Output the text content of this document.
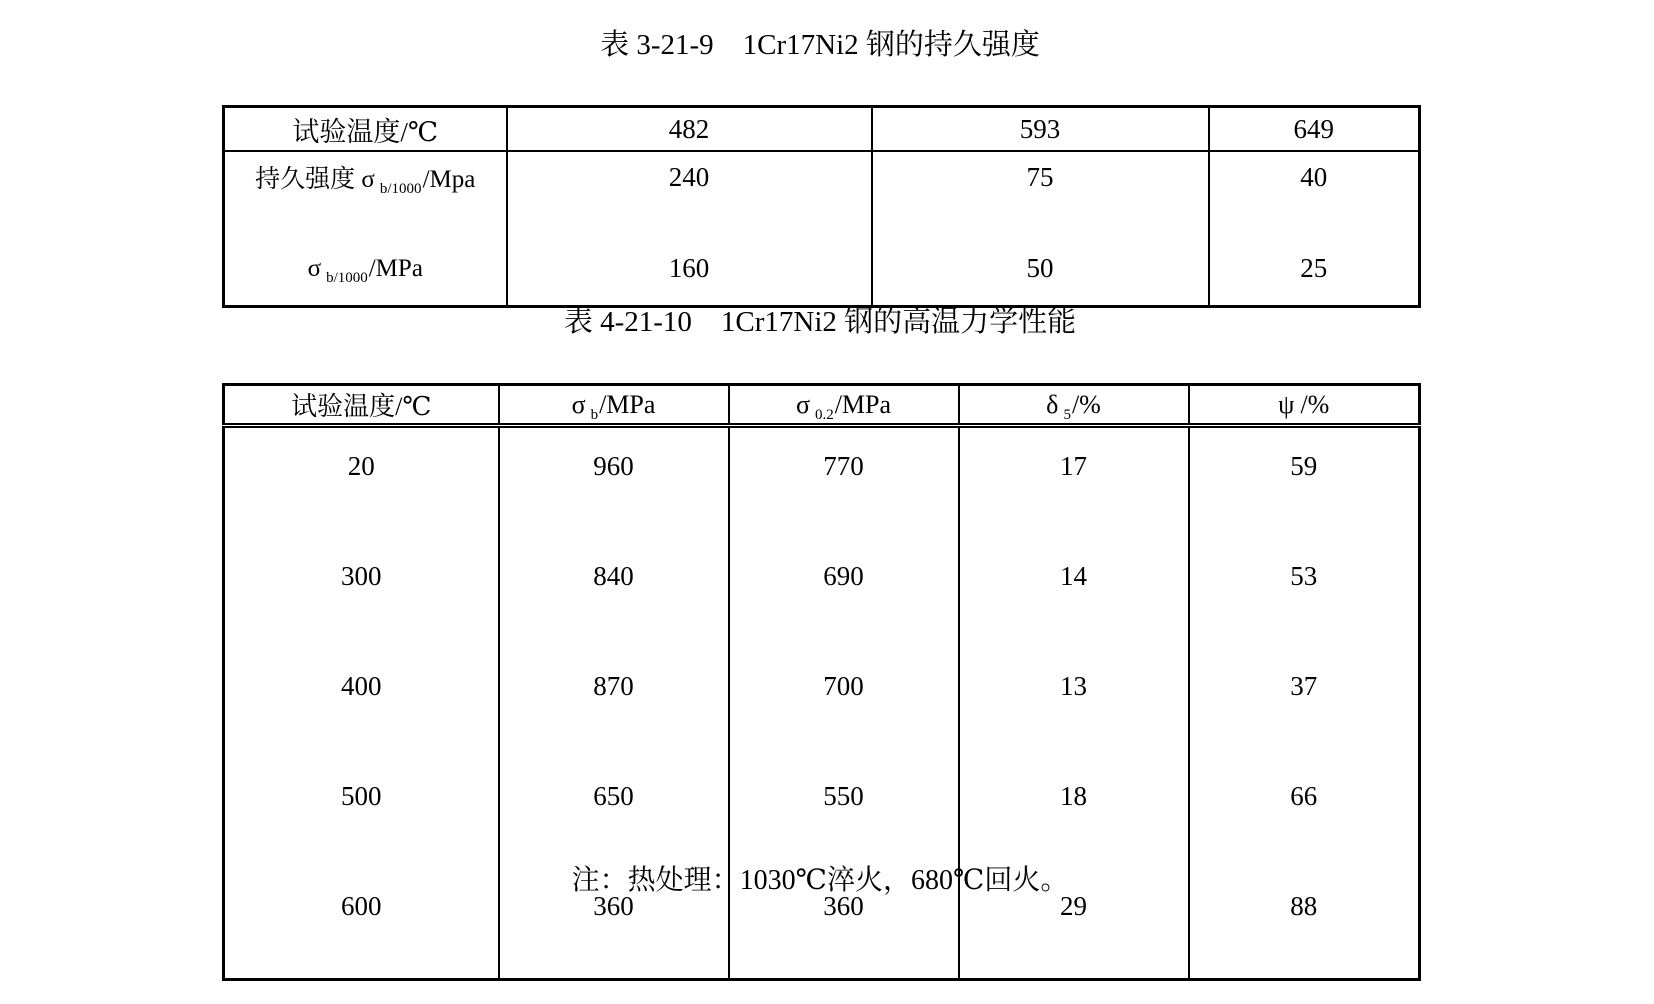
表 3-21-9　1Cr17Ni2 钢的持久强度
试验温度/℃	482	593	649
持久强度 σ $_{b/1000}$/Mpa	240	75	40
σ $_{b/1000}$/MPa	160	50	25
表 4-21-10　1Cr17Ni2 钢的高温力学性能
试验温度/℃	σ $_b$/MPa	σ $_{0.2}$/MPa	δ $_5$/%	ψ /%
20	960	770	17	59
300	840	690	14	53
400	870	700	13	37
500	650	550	18	66
600	360	360	29	88
注：热处理：1030℃淬火，680℃回火。
